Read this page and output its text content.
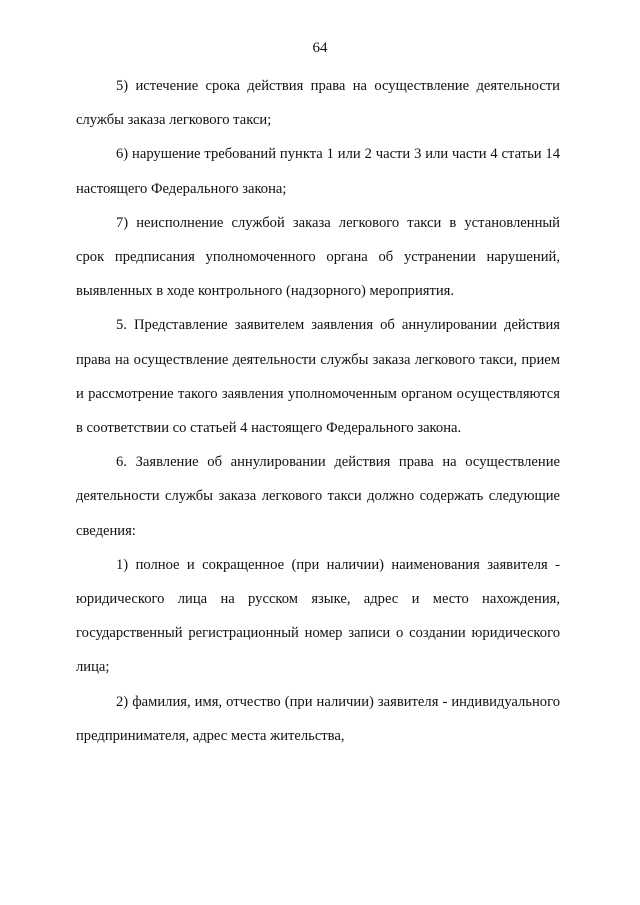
64

5) истечение срока действия права на осуществление деятельности службы заказа легкового такси;

6) нарушение требований пункта 1 или 2 части 3 или части 4 статьи 14 настоящего Федерального закона;

7) неисполнение службой заказа легкового такси в установленный срок предписания уполномоченного органа об устранении нарушений, выявленных в ходе контрольного (надзорного) мероприятия.

5. Представление заявителем заявления об аннулировании действия права на осуществление деятельности службы заказа легкового такси, прием и рассмотрение такого заявления уполномоченным органом осуществляются в соответствии со статьей 4 настоящего Федерального закона.

6. Заявление об аннулировании действия права на осуществление деятельности службы заказа легкового такси должно содержать следующие сведения:

1) полное и сокращенное (при наличии) наименования заявителя - юридического лица на русском языке, адрес и место нахождения, государственный регистрационный номер записи о создании юридического лица;

2) фамилия, имя, отчество (при наличии) заявителя - индивидуального предпринимателя, адрес места жительства,
